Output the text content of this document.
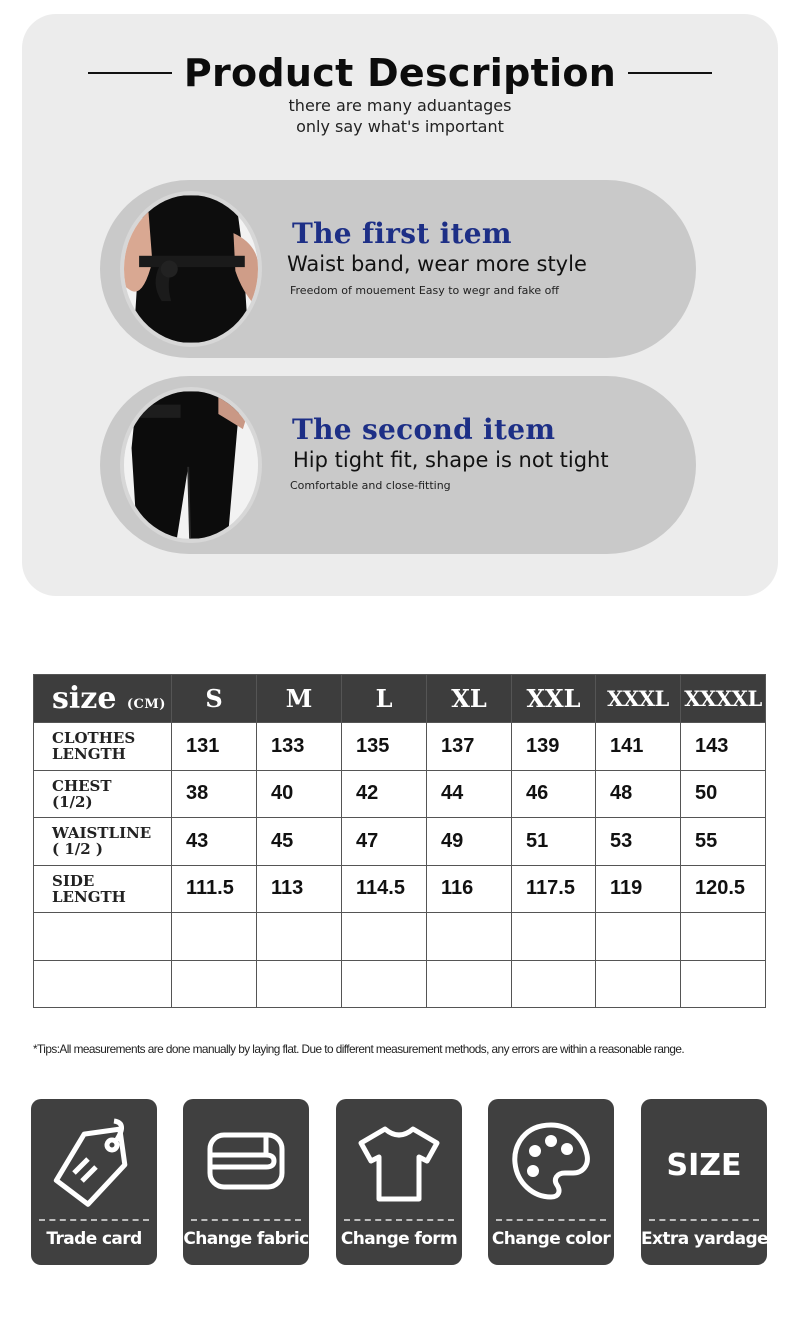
Product Description
there are many aduantages
only say what's important
The first item
Waist band, wear more style
Freedom of mouement Easy to wegr and fake off
The second item
Hip tight fit, shape is not tight
Comfortable and close-fitting
size (CM)	S	M	L	XL	XXL	XXXL	XXXXL
CLOTHES
LENGTH	131	133	135	137	139	141	143
CHEST
(1/2)	38	40	42	44	46	48	50
WAISTLINE
( 1/2 )	43	45	47	49	51	53	55
SIDE
LENGTH	111.5	113	114.5	116	117.5	119	120.5

*Tips:All measurements are done manually by laying flat. Due to different measurement methods, any errors are within a reasonable range.
Trade card	Change fabric Change form Change color
SIZE
Extra yardage
